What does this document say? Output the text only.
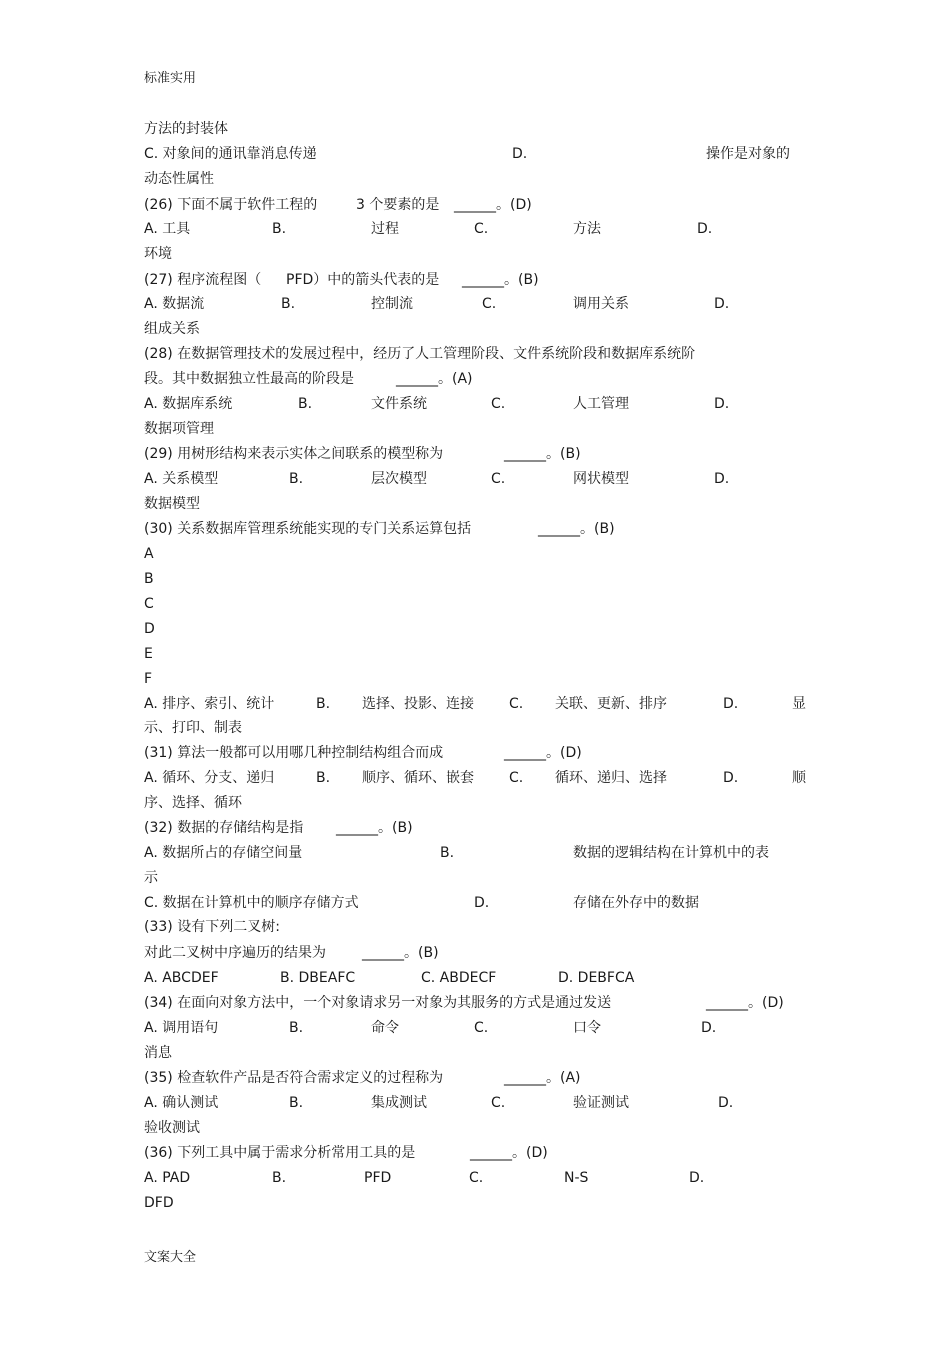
标准实用
方法的封装体
C. 对象间的通讯靠消息传递	D.	操作是对象的
动态性属性
(26) 下面不属于软件工程的	3 个要素的是 ______。(D)
A. 工具	B.	过程	C.	方法	D.
环境
(27) 程序流程图（ PFD）中的箭头代表的是 ______。(B)
A. 数据流	B.	控制流	C.	调用关系	D.
组成关系
(28) 在数据管理技术的发展过程中，经历了人工管理阶段、文件系统阶段和数据库系统阶
段。其中数据独立性最高的阶段是	______。(A)
A. 数据库系统	B.	文件系统	C.	人工管理	D.
数据项管理
(29) 用树形结构来表示实体之间联系的模型称为	______。(B)
A. 关系模型	B.	层次模型	C.	网状模型	D.
数据模型
(30) 关系数据库管理系统能实现的专门关系运算包括	______。(B)
A
B
C
D
E
F
A. 排序、索引、统计	B. 选择、投影、连接	C. 关联、更新、排序	D.	显
示、打印、制表
(31) 算法一般都可以用哪几种控制结构组合而成	______。(D)
A. 循环、分支、递归	B. 顺序、循环、嵌套	C. 循环、递归、选择	D.	顺
序、选择、循环
(32) 数据的存储结构是指 ______。(B)
A. 数据所占的存储空间量	B.	数据的逻辑结构在计算机中的表
示
C. 数据在计算机中的顺序存储方式	D.	存储在外存中的数据
(33) 设有下列二叉树:
对此二叉树中序遍历的结果为	______。(B)
A. ABCDEF	B. DBEAFC	C. ABDECF	D. DEBFCA
(34) 在面向对象方法中，一个对象请求另一对象为其服务的方式是通过发送	______。(D)
A. 调用语句	B.	命令	C.	口令	D.
消息
(35) 检查软件产品是否符合需求定义的过程称为	______。(A)
A. 确认测试	B.	集成测试	C.	验证测试	D.
验收测试
(36) 下列工具中属于需求分析常用工具的是	______。(D)
A. PAD	B.	PFD	C.	N-S	D.
DFD
文案大全
